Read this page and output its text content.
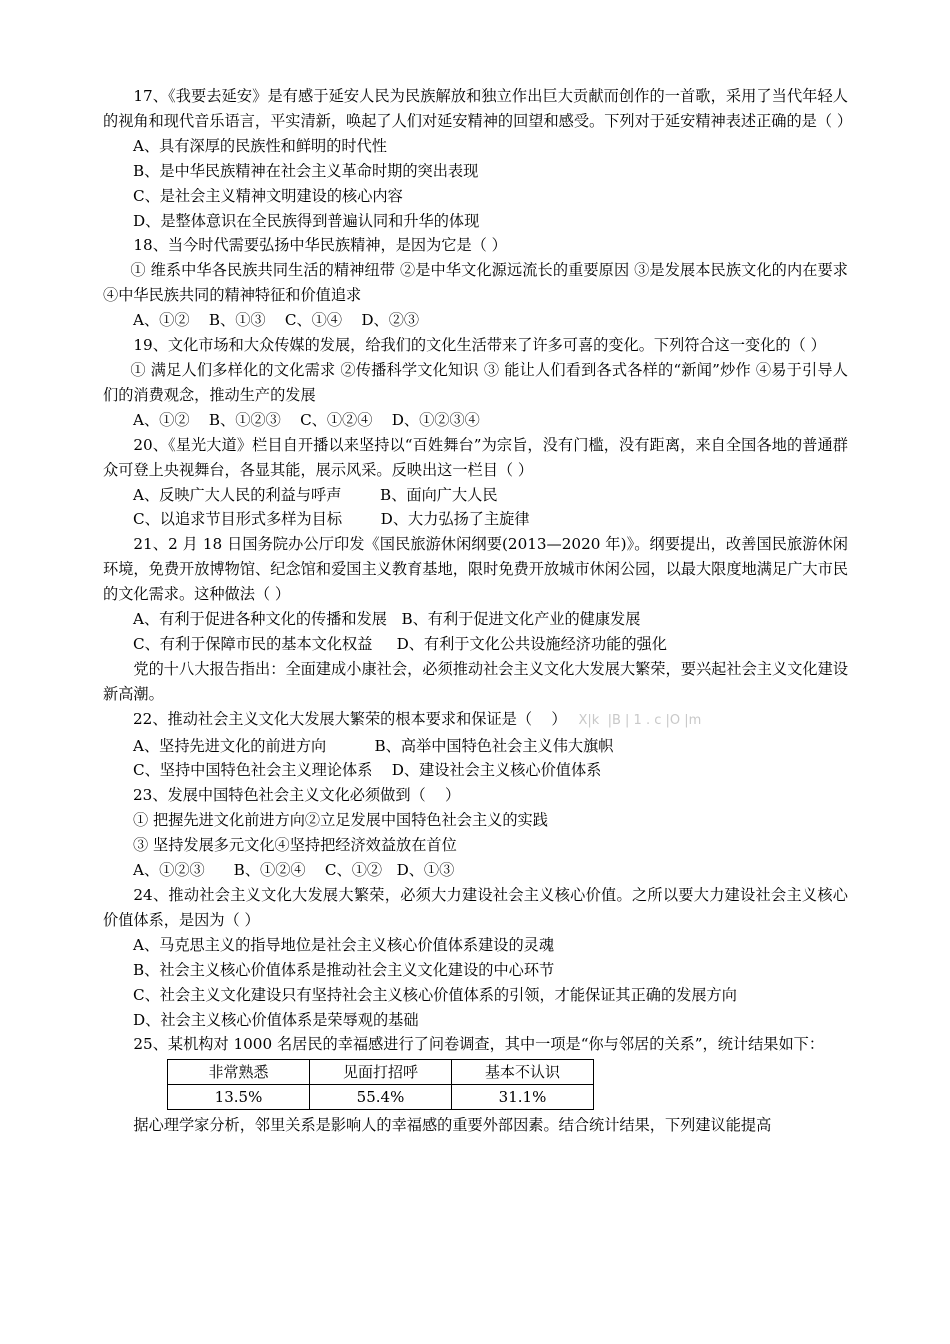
17、《我要去延安》是有感于延安人民为民族解放和独立作出巨大贡献而创作的一首歌，采用了当代年轻人的视角和现代音乐语言，平实清新，唤起了人们对延安精神的回望和感受。下列对于延安精神表述正确的是（ ）

A、具有深厚的民族性和鲜明的时代性

B、是中华民族精神在社会主义革命时期的突出表现

C、是社会主义精神文明建设的核心内容

D、是整体意识在全民族得到普遍认同和升华的体现

18、当今时代需要弘扬中华民族精神，是因为它是（ ）

① 维系中华各民族共同生活的精神纽带 ②是中华文化源远流长的重要原因 ③是发展本民族文化的内在要求 ④中华民族共同的精神特征和价值追求

A、①②    B、①③    C、①④    D、②③

19、文化市场和大众传媒的发展，给我们的文化生活带来了许多可喜的变化。下列符合这一变化的（ ）

① 满足人们多样化的文化需求 ②传播科学文化知识 ③ 能让人们看到各式各样的“新闻”炒作 ④易于引导人们的消费观念，推动生产的发展

A、①②    B、①②③    C、①②④    D、①②③④

20、《星光大道》栏目自开播以来坚持以“百姓舞台”为宗旨，没有门槛，没有距离，来自全国各地的普通群众可登上央视舞台，各显其能，展示风采。反映出这一栏目（ ）

A、反映广大人民的利益与呼声        B、面向广大人民

C、以追求节目形式多样为目标        D、大力弘扬了主旋律

21、2 月 18 日国务院办公厅印发《国民旅游休闲纲要(2013—2020 年)》。纲要提出，改善国民旅游休闲环境，免费开放博物馆、纪念馆和爱国主义教育基地，限时免费开放城市休闲公园，以最大限度地满足广大市民的文化需求。这种做法（ ）

A、有利于促进各种文化的传播和发展   B、有利于促进文化产业的健康发展

C、有利于保障市民的基本文化权益     D、有利于文化公共设施经济功能的强化

党的十八大报告指出：全面建成小康社会，必须推动社会主义文化大发展大繁荣，要兴起社会主义文化建设新高潮。

22、推动社会主义文化大发展大繁荣的根本要求和保证是（    ） X|k  |B | 1 . c |O |m

A、坚持先进文化的前进方向          B、高举中国特色社会主义伟大旗帜

C、坚持中国特色社会主义理论体系    D、建设社会主义核心价值体系

23、发展中国特色社会主义文化必须做到（    ）

① 把握先进文化前进方向②立足发展中国特色社会主义的实践

③ 坚持发展多元文化④坚持把经济效益放在首位

A、①②③      B、①②④    C、①②   D、①③

24、推动社会主义文化大发展大繁荣，必须大力建设社会主义核心价值。之所以要大力建设社会主义核心价值体系，是因为（ ）

A、马克思主义的指导地位是社会主义核心价值体系建设的灵魂

B、社会主义核心价值体系是推动社会主义文化建设的中心环节

C、社会主义文化建设只有坚持社会主义核心价值体系的引领，才能保证其正确的发展方向

D、社会主义核心价值体系是荣辱观的基础

25、某机构对 1000 名居民的幸福感进行了问卷调查，其中一项是“你与邻居的关系”，统计结果如下：

非常熟悉	见面打招呼	基本不认识
13.5%	55.4%	31.1%

据心理学家分析，邻里关系是影响人的幸福感的重要外部因素。结合统计结果，下列建议能提高
